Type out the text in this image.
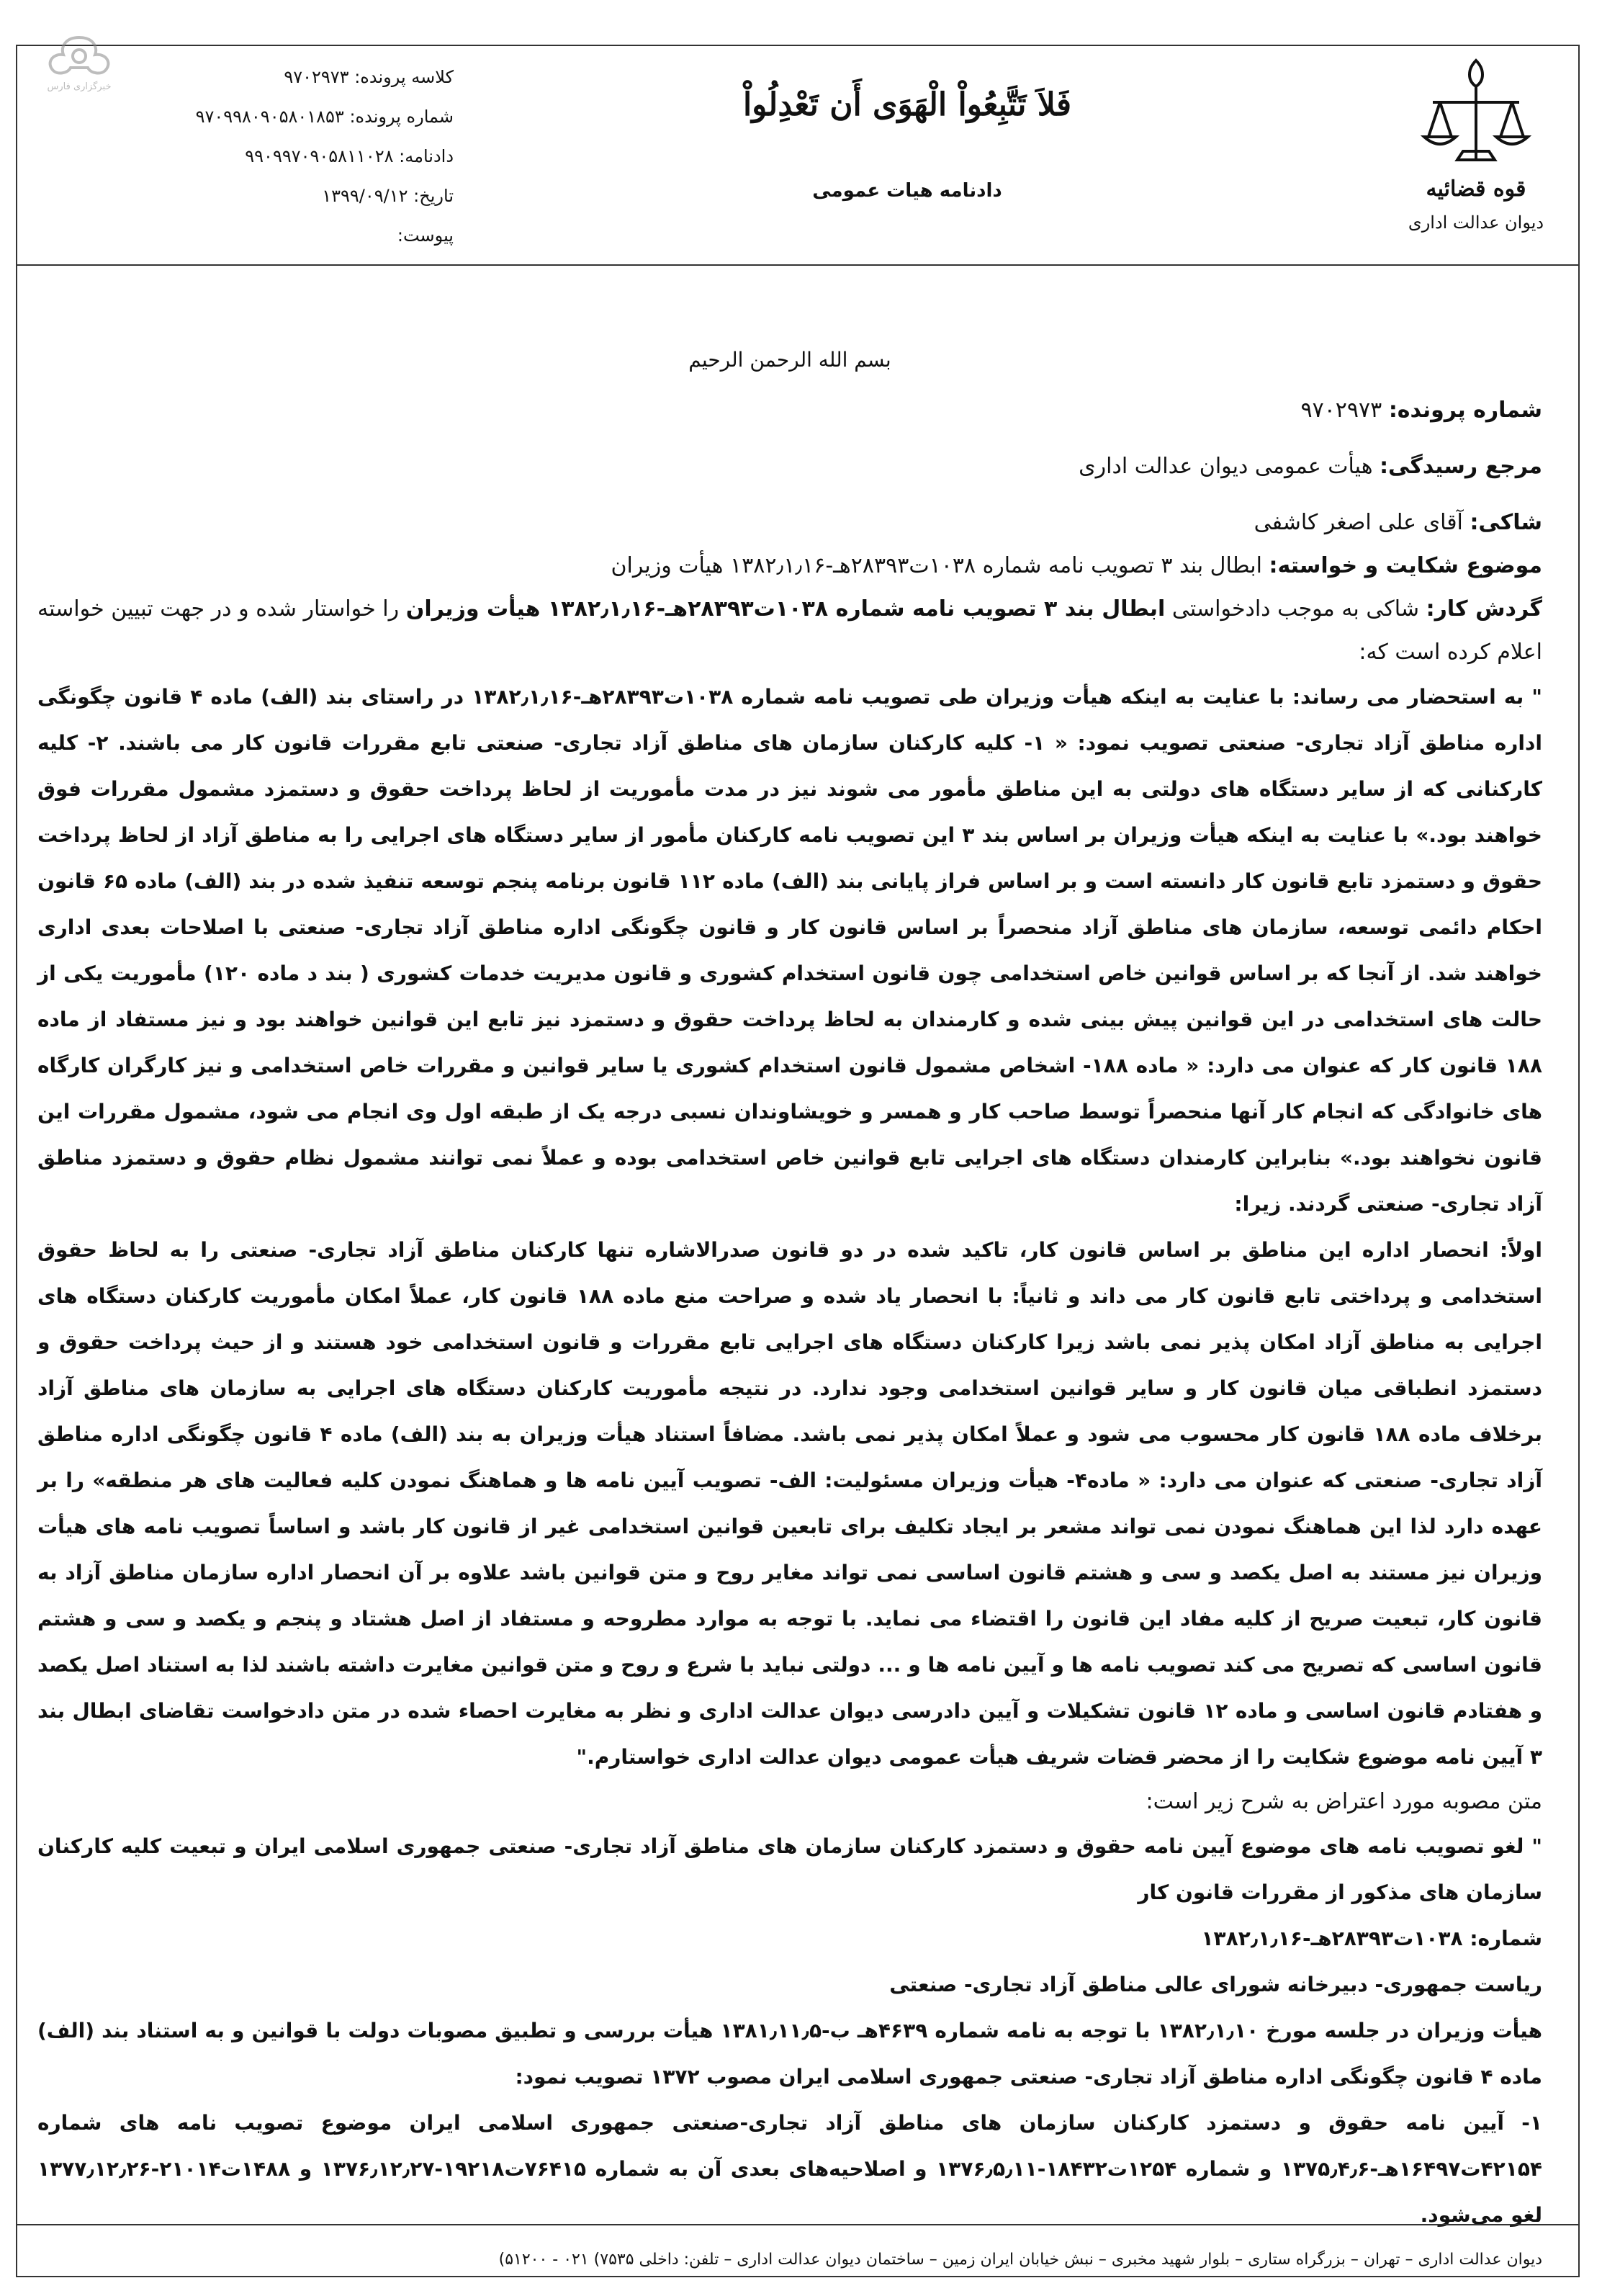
خبرگزاری فارس	کلاسه پرونده: ۹۷۰۲۹۷۳
شماره پرونده: ۹۷۰۹۹۸۰۹۰۵۸۰۱۸۵۳
دادنامه: ۹۹۰۹۹۷۰۹۰۵۸۱۱۰۲۸
تاریخ: ۱۳۹۹/۰۹/۱۲
پیوست:
فَلاَ تَتَّبِعُواْ الْهَوَى أَن تَعْدِلُواْ
دادنامه هیات عمومی	قوه قضائیه
دیوان عدالت اداری
بسم الله الرحمن الرحیم

شماره پرونده: ۹۷۰۲۹۷۳

مرجع رسیدگی: هیأت عمومی دیوان عدالت اداری

شاکی: آقای علی اصغر کاشفی

موضوع شکایت و خواسته: ابطال بند ۳ تصویب نامه شماره ۱۰۳۸ت۲۸۳۹۳هـ-۱۳۸۲٫۱٫۱۶ هیأت وزیران

گردش کار: شاکی به موجب دادخواستی ابطال بند ۳ تصویب نامه شماره ۱۰۳۸ت۲۸۳۹۳هـ-۱۳۸۲٫۱٫۱۶ هیأت وزیران را خواستار شده و در جهت تبیین خواسته اعلام کرده است که:

" به استحضار می رساند: با عنایت به اینکه هیأت وزیران طی تصویب نامه شماره ۱۰۳۸ت۲۸۳۹۳هـ-۱۳۸۲٫۱٫۱۶ در راستای بند (الف) ماده ۴ قانون چگونگی اداره مناطق آزاد تجاری- صنعتی تصویب نمود: « ۱- کلیه کارکنان سازمان های مناطق آزاد تجاری- صنعتی تابع مقررات قانون کار می باشند. ۲- کلیه کارکنانی که از سایر دستگاه های دولتی به این مناطق مأمور می شوند نیز در مدت مأموریت از لحاظ پرداخت حقوق و دستمزد مشمول مقررات فوق خواهند بود.» با عنایت به اینکه هیأت وزیران بر اساس بند ۳ این تصویب نامه کارکنان مأمور از سایر دستگاه های اجرایی را به مناطق آزاد از لحاظ پرداخت حقوق و دستمزد تابع قانون کار دانسته است و بر اساس فراز پایانی بند (الف) ماده ۱۱۲ قانون برنامه پنجم توسعه تنفیذ شده در بند (الف) ماده ۶۵ قانون احکام دائمی توسعه، سازمان های مناطق آزاد منحصراً بر اساس قانون کار و قانون چگونگی اداره مناطق آزاد تجاری- صنعتی با اصلاحات بعدی اداری خواهند شد. از آنجا که بر اساس قوانین خاص استخدامی چون قانون استخدام کشوری و قانون مدیریت خدمات کشوری ( بند د ماده ۱۲۰) مأموریت یکی از حالت های استخدامی در این قوانین پیش بینی شده و کارمندان به لحاظ پرداخت حقوق و دستمزد نیز تابع این قوانین خواهند بود و نیز مستفاد از ماده ۱۸۸ قانون کار که عنوان می دارد: « ماده ۱۸۸- اشخاص مشمول قانون استخدام کشوری یا سایر قوانین و مقررات خاص استخدامی و نیز کارگران کارگاه های خانوادگی که انجام کار آنها منحصراً توسط صاحب کار و همسر و خویشاوندان نسبی درجه یک از طبقه اول وی انجام می شود، مشمول مقررات این قانون نخواهند بود.» بنابراین کارمندان دستگاه های اجرایی تابع قوانین خاص استخدامی بوده و عملاً نمی توانند مشمول نظام حقوق و دستمزد مناطق آزاد تجاری- صنعتی گردند. زیرا:

اولاً: انحصار اداره این مناطق بر اساس قانون کار، تاکید شده در دو قانون صدرالاشاره تنها کارکنان مناطق آزاد تجاری- صنعتی را به لحاظ حقوق استخدامی و پرداختی تابع قانون کار می داند و ثانیاً: با انحصار یاد شده و صراحت منع ماده ۱۸۸ قانون کار، عملاً امکان مأموریت کارکنان دستگاه های اجرایی به مناطق آزاد امکان پذیر نمی باشد زیرا کارکنان دستگاه های اجرایی تابع مقررات و قانون استخدامی خود هستند و از حیث پرداخت حقوق و دستمزد انطباقی میان قانون کار و سایر قوانین استخدامی وجود ندارد. در نتیجه مأموریت کارکنان دستگاه های اجرایی به سازمان های مناطق آزاد برخلاف ماده ۱۸۸ قانون کار محسوب می شود و عملاً امکان پذیر نمی باشد. مضافاً استناد هیأت وزیران به بند (الف) ماده ۴ قانون چگونگی اداره مناطق آزاد تجاری- صنعتی که عنوان می دارد: « ماده۴- هیأت وزیران مسئولیت: الف- تصویب آیین نامه ها و هماهنگ نمودن کلیه فعالیت های هر منطقه» را بر عهده دارد لذا این هماهنگ نمودن نمی تواند مشعر بر ایجاد تکلیف برای تابعین قوانین استخدامی غیر از قانون کار باشد و اساساً تصویب نامه های هیأت وزیران نیز مستند به اصل یکصد و سی و هشتم قانون اساسی نمی تواند مغایر روح و متن قوانین باشد علاوه بر آن انحصار اداره سازمان مناطق آزاد به قانون کار، تبعیت صریح از کلیه مفاد این قانون را اقتضاء می نماید. با توجه به موارد مطروحه و مستفاد از اصل هشتاد و پنجم و یکصد و سی و هشتم قانون اساسی که تصریح می کند تصویب نامه ها و آیین نامه ها و ... دولتی نباید با شرع و روح و متن قوانین مغایرت داشته باشند لذا به استناد اصل یکصد و هفتادم قانون اساسی و ماده ۱۲ قانون تشکیلات و آیین دادرسی دیوان عدالت اداری و نظر به مغایرت احصاء شده در متن دادخواست تقاضای ابطال بند ۳ آیین نامه موضوع شکایت را از محضر قضات شریف هیأت عمومی دیوان عدالت اداری خواستارم."

متن مصوبه مورد اعتراض به شرح زیر است:

" لغو تصویب نامه های موضوع آیین نامه حقوق و دستمزد کارکنان سازمان های مناطق آزاد تجاری- صنعتی جمهوری اسلامی ایران و تبعیت کلیه کارکنان سازمان های مذکور از مقررات قانون کار

شماره: ۱۰۳۸ت۲۸۳۹۳هـ-۱۳۸۲٫۱٫۱۶

ریاست جمهوری- دبیرخانه شورای عالی مناطق آزاد تجاری- صنعتی

هیأت وزیران در جلسه مورخ ۱۳۸۲٫۱٫۱۰ با توجه به نامه شماره ۴۶۳۹هـ ب-۱۳۸۱٫۱۱٫۵ هیأت بررسی و تطبیق مصوبات دولت با قوانین و به استناد بند (الف) ماده ۴ قانون چگونگی اداره مناطق آزاد تجاری- صنعتی جمهوری اسلامی ایران مصوب ۱۳۷۲ تصویب نمود:

۱- آیین نامه حقوق و دستمزد کارکنان سازمان های مناطق آزاد تجاری-صنعتی جمهوری اسلامی ایران موضوع تصویب نامه های شماره ۴۲۱۵۴ت۱۶۴۹۷هـ-۱۳۷۵٫۴٫۶ و شماره ۱۲۵۴ت۱۸۴۳۲-۱۳۷۶٫۵٫۱۱ و اصلاحیه‌های بعدی آن به شماره ۷۶۴۱۵ت۱۹۲۱۸-۱۳۷۶٫۱۲٫۲۷ و ۱۴۸۸ت۲۱۰۱۴-۱۳۷۷٫۱۲٫۲۶ لغو می‌شود.

دیوان عدالت اداری – تهران – بزرگراه ستاری – بلوار شهید مخبری – نبش خیابان ایران زمین – ساختمان دیوان عدالت اداری – تلفن: داخلی ۷۵۳۵) ۰۲۱ - ۵۱۲۰۰)
